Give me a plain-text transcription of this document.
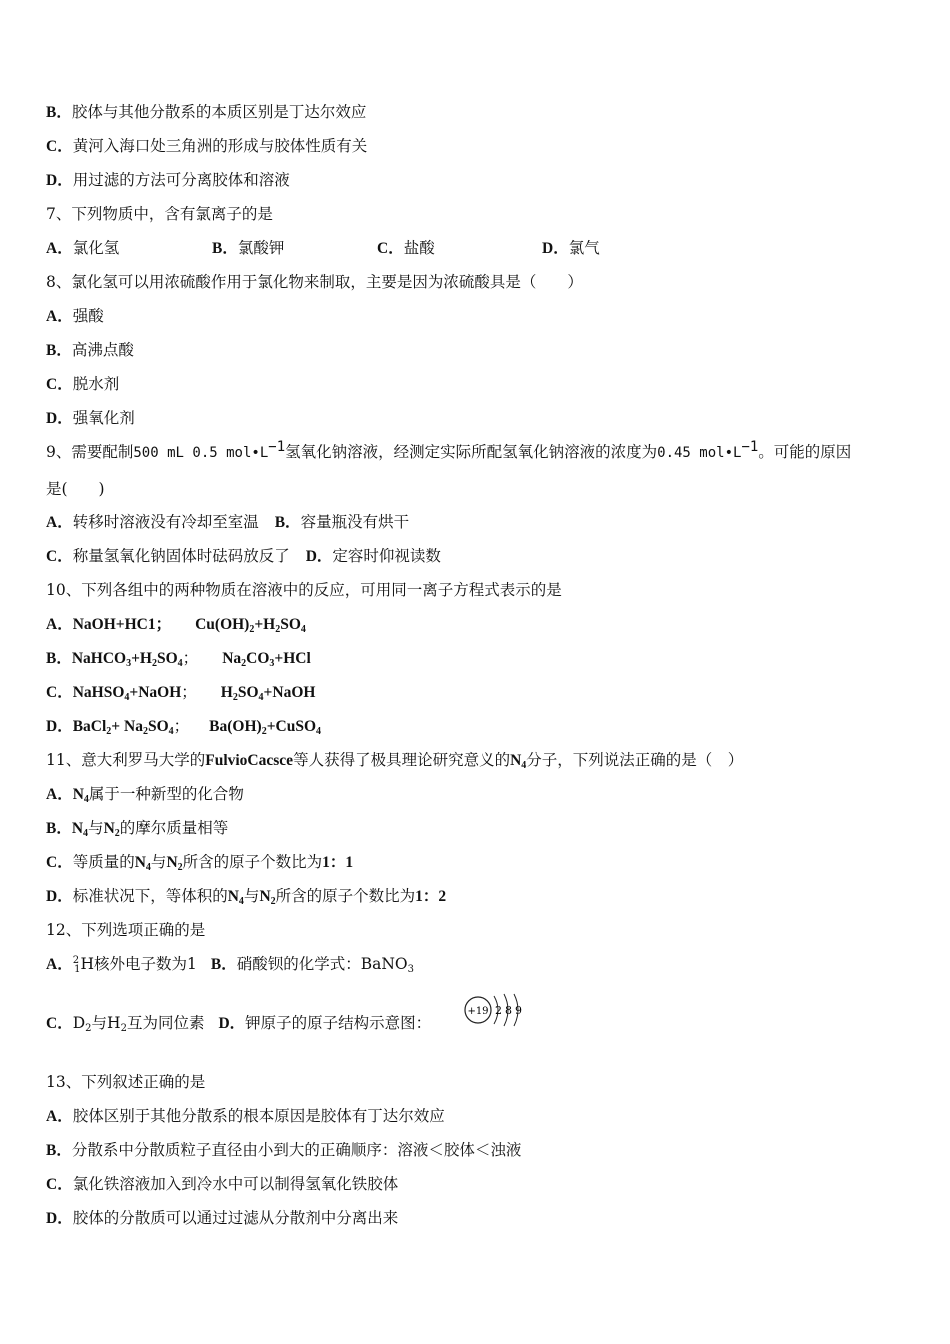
B．胶体与其他分散系的本质区别是丁达尔效应
C．黄河入海口处三角洲的形成与胶体性质有关
D．用过滤的方法可分离胶体和溶液
7、下列物质中，含有氯离子的是
A．氯化氢	B．氯酸钾	C．盐酸	D．氯气
8、氯化氢可以用浓硫酸作用于氯化物来制取，主要是因为浓硫酸具是（　　）
A．强酸
B．高沸点酸
C．脱水剂
D．强氧化剂
9、需要配制500 mL 0.5 $mol•L^{-1}$氢氧化钠溶液，经测定实际所配氢氧化钠溶液的浓度为0.45 $mol•L^{-1}$。可能的原因
是(　　)
A．转移时溶液没有冷却至室温 B．容量瓶没有烘干
C．称量氢氧化钠固体时砝码放反了 D．定容时仰视读数
10、下列各组中的两种物质在溶液中的反应，可用同一离子方程式表示的是
A．NaOH+HC1； $Cu(OH)_2+H_2SO_4$
B．$NaHCO_3+H_2SO_4$； $Na_2CO_3+HCl$
C．NaHSO$_4$+NaOH； $H_2SO_4+NaOH$
D．BaCl$_2$+ $Na_2SO_4$； $Ba(OH)_2+CuSO_4$
11、意大利罗马大学的FulvioCacsce等人获得了极具理论研究意义的$N_4$分子，下列说法正确的是（　）
A．$N_4$属于一种新型的化合物
B．$N_4$与$N_2$的摩尔质量相等
C．等质量的$N_4$与$N_2$所含的原子个数比为1：1
D．标准状况下，等体积的$N_4$与$N_2$所含的原子个数比为1：2
12、下列选项正确的是
A．$^2_1$H核外电子数为1 B．硝酸钡的化学式：BaNO$_3$
C．$D_2$与$H_2$互为同位素 D．钾原子的原子结构示意图：
+19 2 8 9
13、下列叙述正确的是
A．胶体区别于其他分散系的根本原因是胶体有丁达尔效应
B．分散系中分散质粒子直径由小到大的正确顺序：溶液＜胶体＜浊液
C．氯化铁溶液加入到冷水中可以制得氢氧化铁胶体
D．胶体的分散质可以通过过滤从分散剂中分离出来
